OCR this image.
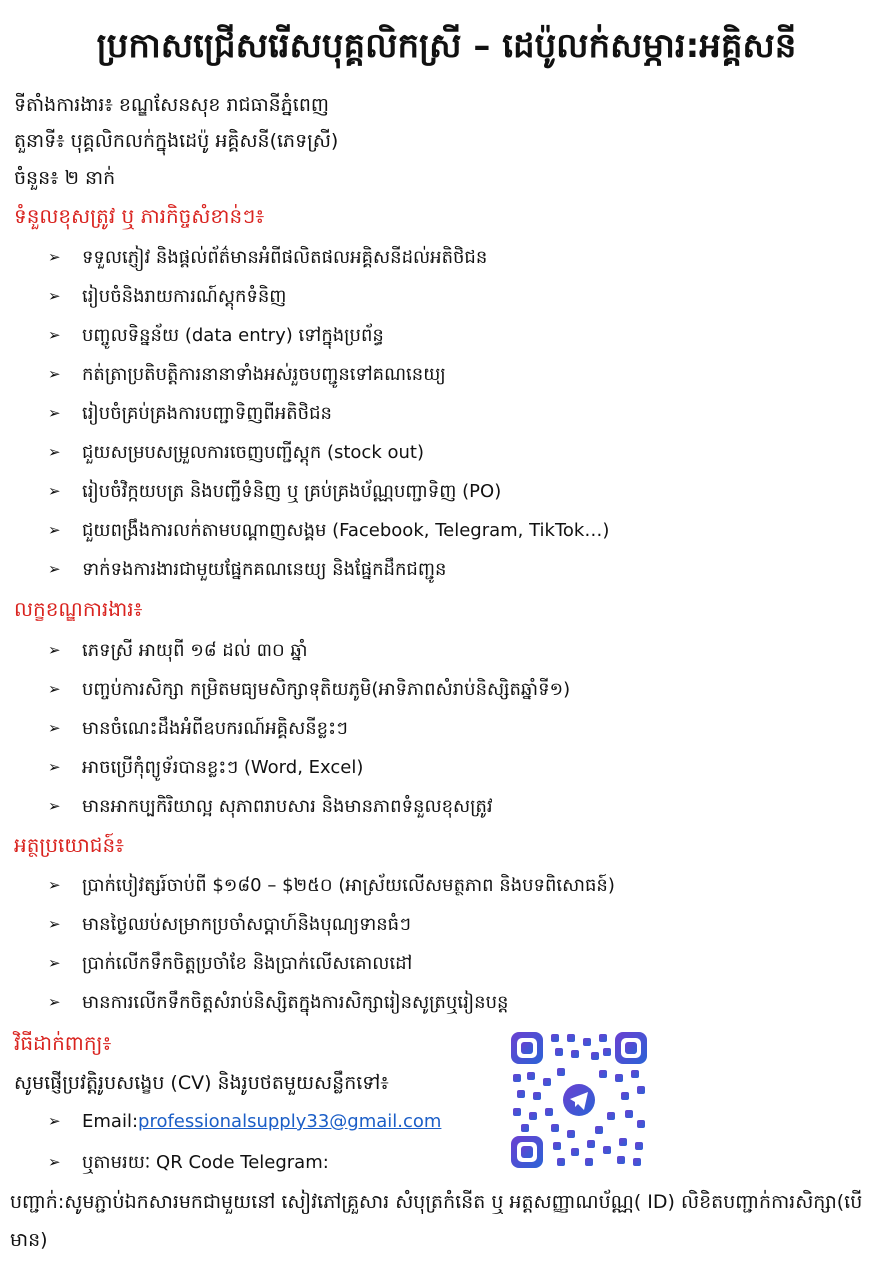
ប្រកាសជ្រើសរើសបុគ្គលិកស្រី – ដេប៉ូលក់សម្ភារ:អគ្គិសនី
ទីតាំងការងារ៖ ខណ្ឌសែនសុខ រាជធានីភ្នំពេញ
តួនាទី៖ បុគ្គលិកលក់ក្នុងដេប៉ូ អគ្គិសនី(ភេទស្រី)
ចំនួន៖ ២ នាក់
ទំនួលខុសត្រូវ ឬ ភារកិច្ចសំខាន់ៗ៖
➢	ទទួលភ្ញៀវ និងផ្តល់ព័ត៌មានអំពីផលិតផលអគ្គិសនីដល់អតិថិជន
➢	រៀបចំនិងរាយការណ៍ស្តុកទំនិញ
➢	បញ្ចូលទិន្នន័យ (data entry) ទៅក្នុងប្រព័ន្ធ
➢	កត់ត្រាប្រតិបត្តិការនានាទាំងអស់រួចបញ្ជូនទៅគណនេយ្យ
➢	រៀបចំគ្រប់គ្រងការបញ្ជាទិញពីអតិថិជន
➢	ជួយសម្របសម្រួលការចេញបញ្ជីស្តុក (stock out)
➢	រៀបចំវិក្កយបត្រ និងបញ្ជីទំនិញ ឬ គ្រប់គ្រងប័ណ្ណបញ្ជាទិញ (PO)
➢	ជួយពង្រឹងការលក់តាមបណ្តាញសង្គម (Facebook, Telegram, TikTok…)
➢	ទាក់ទងការងារជាមួយផ្នែកគណនេយ្យ និងផ្នែកដឹកជញ្ជូន
លក្ខខណ្ឌការងារ៖
➢	ភេទស្រី អាយុពី ១៨ ដល់ ៣០ ឆ្នាំ
➢	បញ្ចប់ការសិក្សា កម្រិតមធ្យមសិក្សាទុតិយភូមិ(អាទិភាពសំរាប់និស្សិតឆ្នាំទី១)
➢	មានចំណេះដឹងអំពីឧបករណ៍អគ្គិសនីខ្លះៗ
➢	អាចប្រើកុំព្យូទ័របានខ្លះៗ (Word, Excel)
➢	មានអាកប្បកិរិយាល្អ សុភាពរាបសារ និងមានភាពទំនួលខុសត្រូវ
អត្ថប្រយោជន៍៖
➢	ប្រាក់បៀវត្សរ៍ចាប់ពី $១៨0 – $២៥០ (អាស្រ័យលើសមត្ថភាព និងបទពិសោធន៍)
➢	មានថ្ងៃឈប់សម្រាកប្រចាំសប្តាហ៍និងបុណ្យទានធំៗ
➢	ប្រាក់លើកទឹកចិត្តប្រចាំខែ និងប្រាក់លើសគោលដៅ
➢	មានការលើកទឹកចិត្តសំរាប់និស្សិតក្នុងការសិក្សារៀនសូត្រឬរៀនបន្ត
វិធីដាក់ពាក្យ៖
សូមផ្ញើប្រវត្តិរូបសង្ខេប (CV) និងរូបថតមួយសន្លឹកទៅ៖
➢	Email: professionalsupply33@gmail.com
➢	ឬតាមរយៈ QR Code Telegram:
បញ្ជាក់:សូមភ្ជាប់ឯកសារមកជាមួយនៅ សៀវភៅគ្រួសារ សំបុត្រកំនើត ឬ អត្តសញ្ញាណប័ណ្ណ( ID) លិខិតបញ្ជាក់ការសិក្សា(បើមាន)
